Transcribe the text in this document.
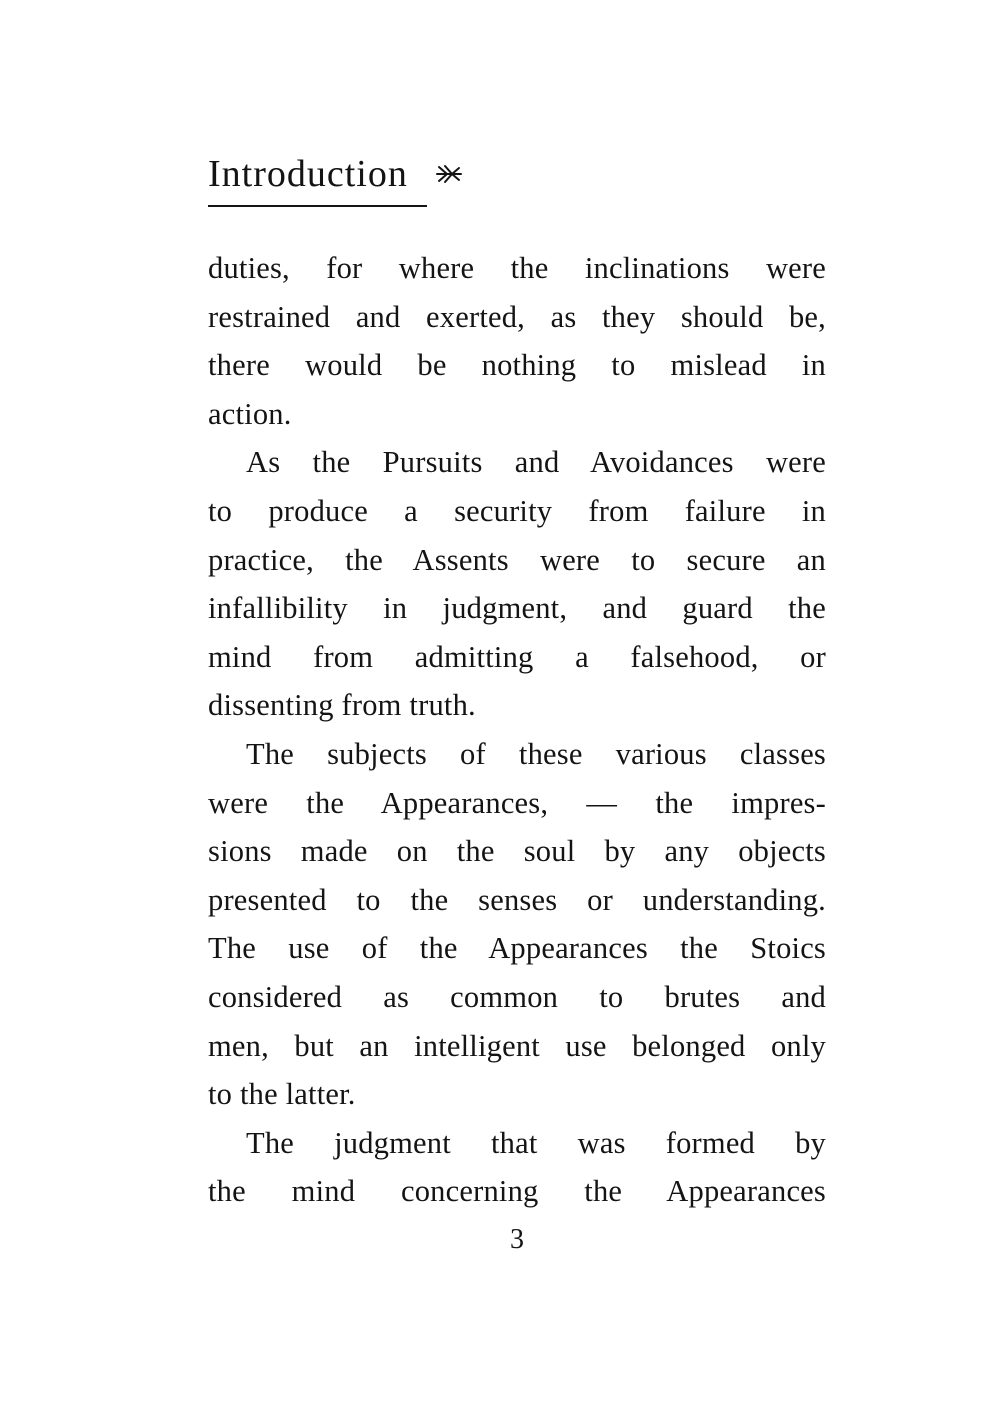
Introduction

duties, for where the inclinations were

restrained and exerted, as they should be,

there would be nothing to mislead in

action.

As the Pursuits and Avoidances were

to produce a security from failure in

practice, the Assents were to secure an

infallibility in judgment, and guard the

mind from admitting a falsehood, or

dissenting from truth.

The subjects of these various classes

were the Appearances, — the impres-

sions made on the soul by any objects

presented to the senses or understanding.

The use of the Appearances the Stoics

considered as common to brutes and

men, but an intelligent use belonged only

to the latter.

The judgment that was formed by

the mind concerning the Appearances

3
